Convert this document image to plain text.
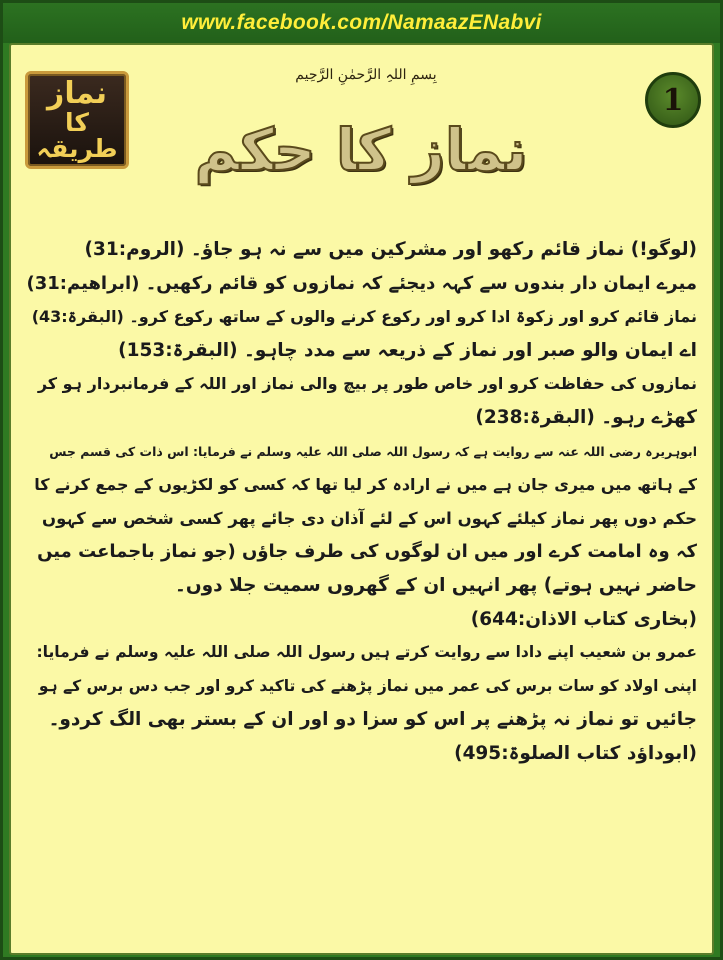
www.facebook.com/NamaazENabvi
نماز
کا طریقہ
بِسمِ اللہِ الرَّحمٰنِ الرَّحِیم
1
نماز کا حکم
(لوگو!) نماز قائم رکھو اور مشرکین میں سے نہ ہو جاؤ۔ (الروم:31)
میرے ایمان دار بندوں سے کہہ دیجئے کہ نمازوں کو قائم رکھیں۔ (ابراھیم:31)
نماز قائم کرو اور زکوۃ ادا کرو اور رکوع کرنے والوں کے ساتھ رکوع کرو۔ (البقرۃ:43)
اے ایمان والو صبر اور نماز کے ذریعہ سے مدد چاہو۔ (البقرۃ:153)
نمازوں کی حفاظت کرو اور خاص طور پر بیچ والی نماز اور اللہ کے فرمانبردار ہو کر
کھڑے رہو۔ (البقرۃ:238)
ابوہریرہ رضی اللہ عنہ سے روایت ہے کہ رسول اللہ صلی اللہ علیہ وسلم نے فرمایا: اس ذات کی قسم جس
کے ہاتھ میں میری جان ہے میں نے ارادہ کر لیا تھا کہ کسی کو لکڑیوں کے جمع کرنے کا
حکم دوں پھر نماز کیلئے کہوں اس کے لئے آذان دی جائے پھر کسی شخص سے کہوں
کہ وہ امامت کرے اور میں ان لوگوں کی طرف جاؤں (جو نماز باجماعت میں
حاضر نہیں ہوتے) پھر انہیں ان کے گھروں سمیت جلا دوں۔
(بخاری کتاب الاذان:644)
عمرو بن شعیب اپنے دادا سے روایت کرتے ہیں رسول اللہ صلی اللہ علیہ وسلم نے فرمایا:
اپنی اولاد کو سات برس کی عمر میں نماز پڑھنے کی تاکید کرو اور جب دس برس کے ہو
جائیں تو نماز نہ پڑھنے پر اس کو سزا دو اور ان کے بستر بھی الگ کردو۔
(ابوداؤد کتاب الصلوۃ:495)
